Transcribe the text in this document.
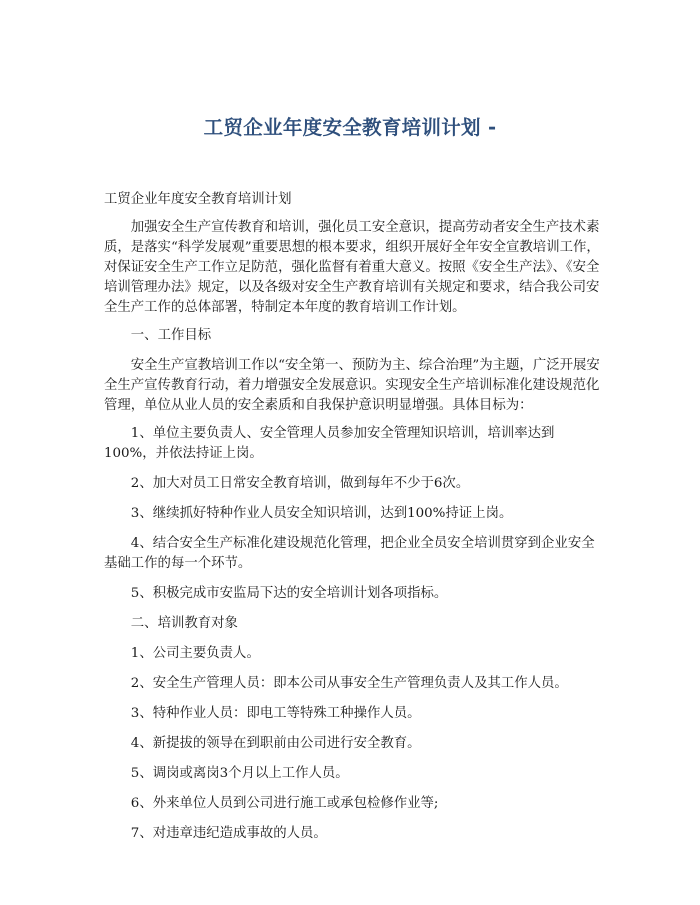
工贸企业年度安全教育培训计划 -

工贸企业年度安全教育培训计划

加强安全生产宣传教育和培训，强化员工安全意识，提高劳动者安全生产技术素质，是落实“科学发展观”重要思想的根本要求，组织开展好全年安全宣教培训工作，对保证安全生产工作立足防范，强化监督有着重大意义。按照《安全生产法》、《安全培训管理办法》规定，以及各级对安全生产教育培训有关规定和要求，结合我公司安全生产工作的总体部署，特制定本年度的教育培训工作计划。

一、工作目标

安全生产宣教培训工作以“安全第一、预防为主、综合治理”为主题，广泛开展安全生产宣传教育行动，着力增强安全发展意识。实现安全生产培训标准化建设规范化管理，单位从业人员的安全素质和自我保护意识明显增强。具体目标为：

1、单位主要负责人、安全管理人员参加安全管理知识培训，培训率达到100%，并依法持证上岗。

2、加大对员工日常安全教育培训，做到每年不少于6次。

3、继续抓好特种作业人员安全知识培训，达到100%持证上岗。

4、结合安全生产标准化建设规范化管理，把企业全员安全培训贯穿到企业安全基础工作的每一个环节。

5、积极完成市安监局下达的安全培训计划各项指标。

二、培训教育对象

1、公司主要负责人。

2、安全生产管理人员：即本公司从事安全生产管理负责人及其工作人员。

3、特种作业人员：即电工等特殊工种操作人员。

4、新提拔的领导在到职前由公司进行安全教育。

5、调岗或离岗3个月以上工作人员。

6、外来单位人员到公司进行施工或承包检修作业等;

7、对违章违纪造成事故的人员。
